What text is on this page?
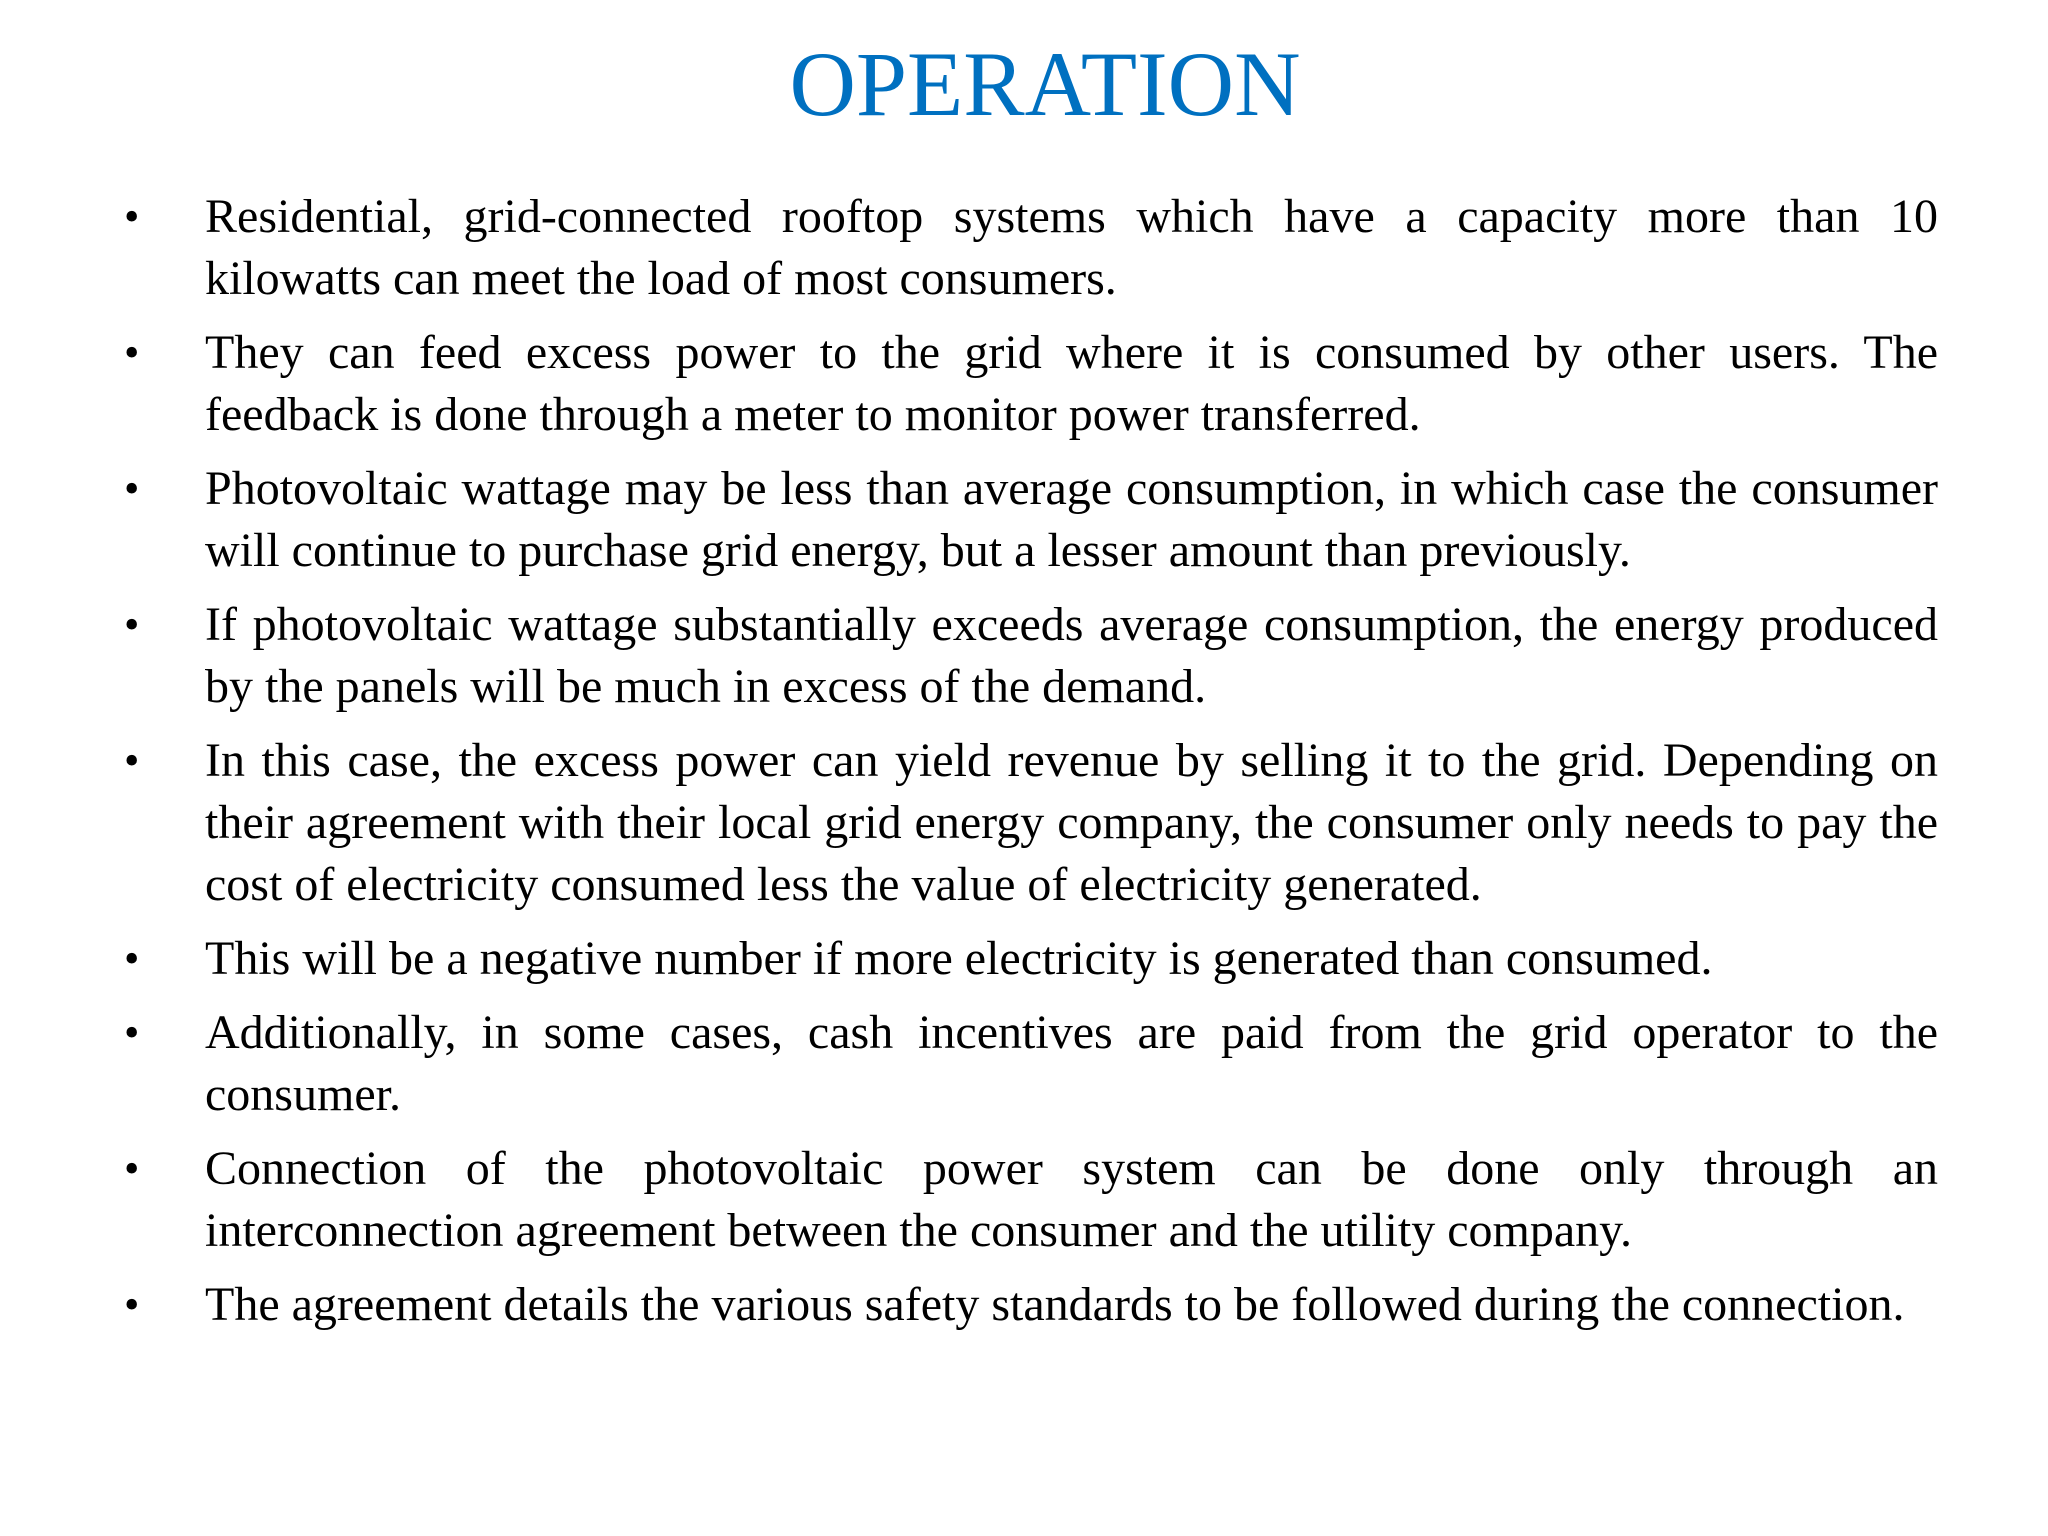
OPERATION
•	Residential, grid-connected rooftop systems which have a capacity more than 10 kilowatts can meet the load of most consumers.
•	They can feed excess power to the grid where it is consumed by other users. The feedback is done through a meter to monitor power transferred.
•	Photovoltaic wattage may be less than average consumption, in which case the consumer will continue to purchase grid energy, but a lesser amount than previously.
•	If photovoltaic wattage substantially exceeds average consumption, the energy produced by the panels will be much in excess of the demand.
•	In this case, the excess power can yield revenue by selling it to the grid. Depending on their agreement with their local grid energy company, the consumer only needs to pay the cost of electricity consumed less the value of electricity generated.
•	This will be a negative number if more electricity is generated than consumed.
•	Additionally, in some cases, cash incentives are paid from the grid operator to the consumer.
•	Connection of the photovoltaic power system can be done only through an interconnection agreement between the consumer and the utility company.
•	The agreement details the various safety standards to be followed during the connection.
